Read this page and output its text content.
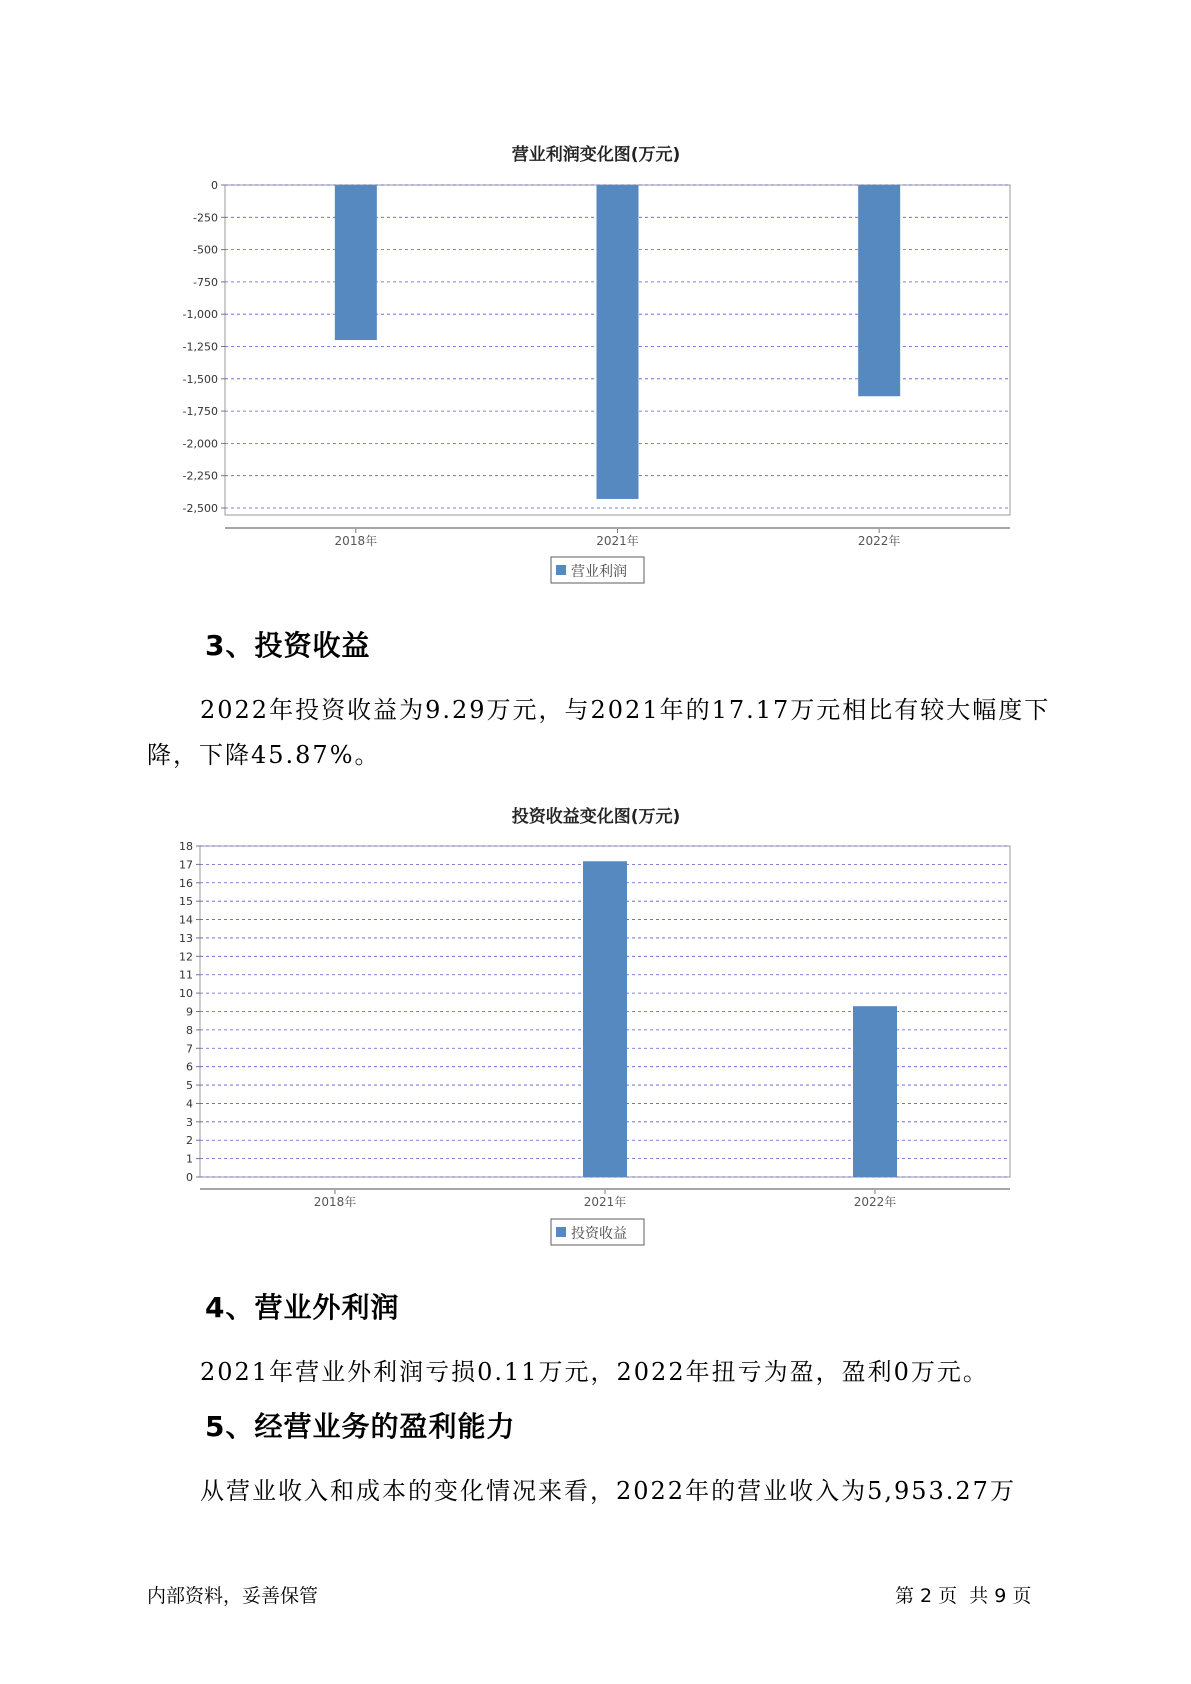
营业利润变化图(万元)
0
-250
-500
-750
-1,000
-1,250
-1,500
-1,750
-2,000
-2,250
-2,500
2018年	2021年	2022年
营业利润
投资收益变化图(万元)
0
1
2
3
4
5
6
7
8
9
10
11
12
13
14
15
16
17
18
2018年	2021年	2022年
投资收益
3、投资收益

2022年投资收益为9.29万元，与2021年的17.17万元相比有较大幅度下

降，下降45.87%。

4、营业外利润

2021年营业外利润亏损0.11万元，2022年扭亏为盈，盈利0万元。

5、经营业务的盈利能力

从营业收入和成本的变化情况来看，2022年的营业收入为5,953.27万

内部资料，妥善保管	第 2 页  共 9 页
